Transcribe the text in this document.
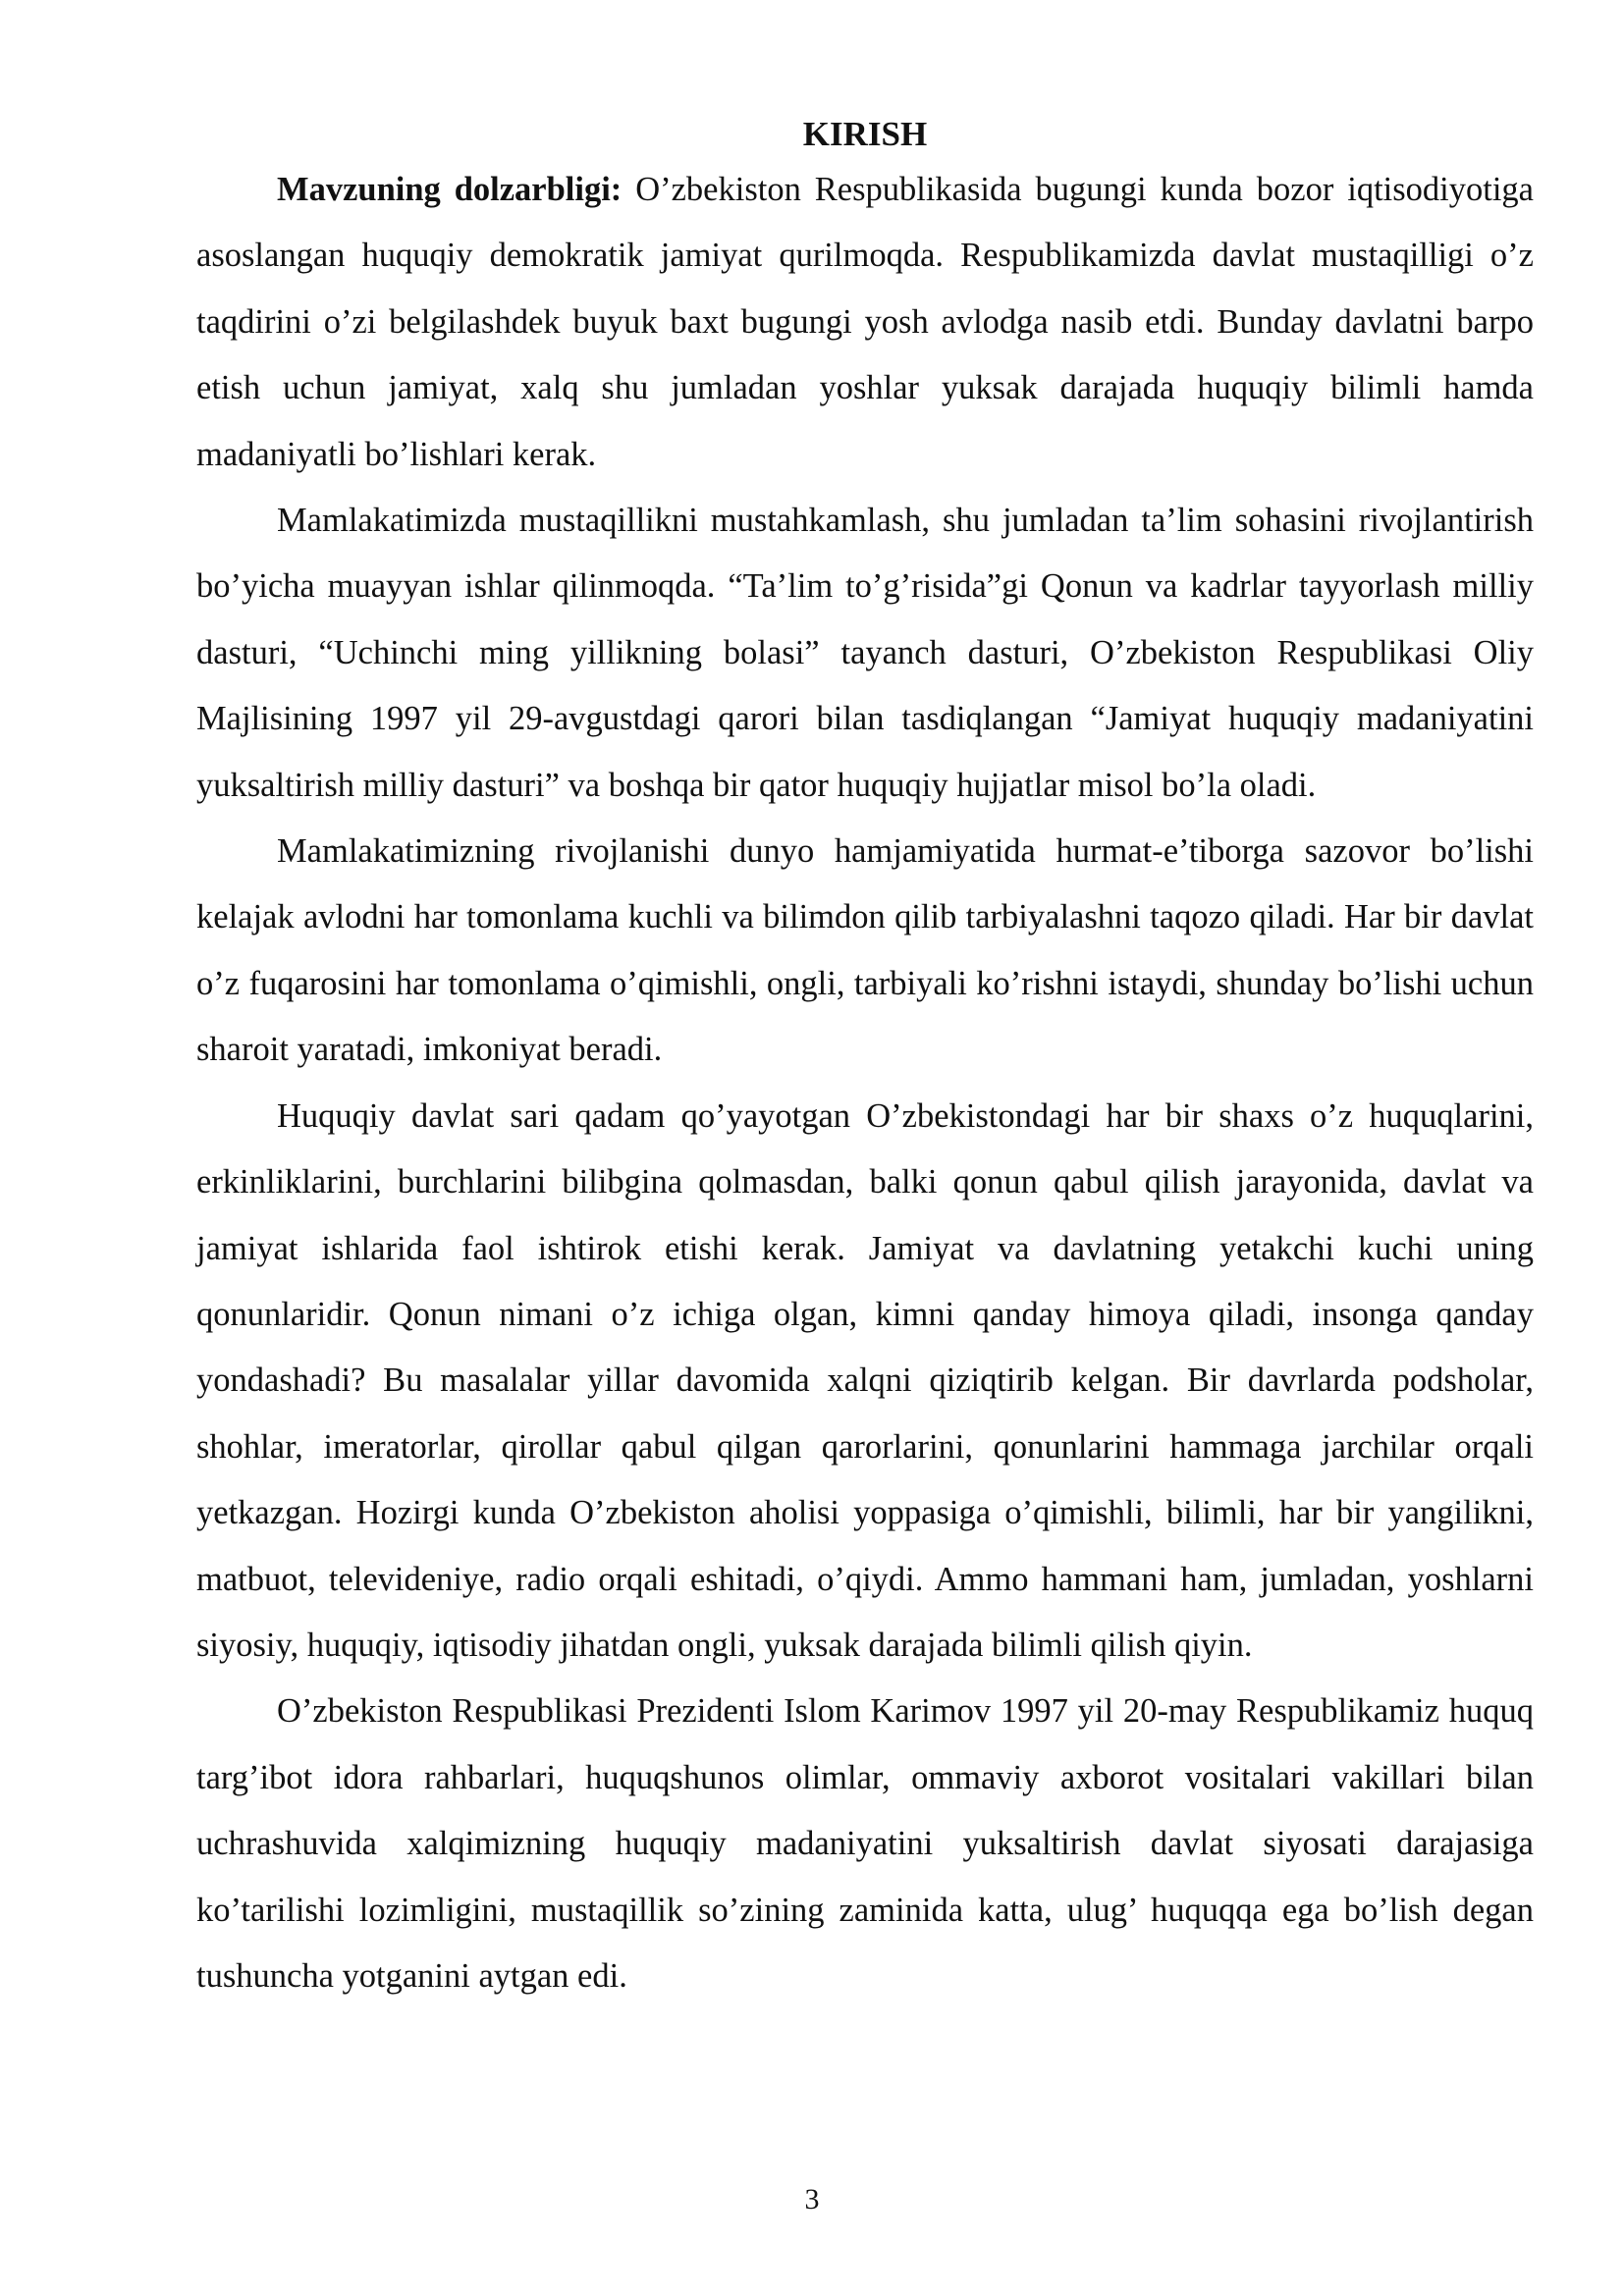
KIRISH

Mavzuning dolzarbligi: O’zbekiston Respublikasida bugungi kunda bozor iqtisodiyotiga asoslangan huquqiy demokratik jamiyat qurilmoqda. Respublikamizda davlat mustaqilligi o’z taqdirini o’zi belgilashdek buyuk baxt bugungi yosh avlodga nasib etdi. Bunday davlatni barpo etish uchun jamiyat, xalq shu jumladan yoshlar yuksak darajada huquqiy bilimli hamda madaniyatli bo’lishlari kerak.

Mamlakatimizda mustaqillikni mustahkamlash, shu jumladan ta’lim sohasini rivojlantirish bo’yicha muayyan ishlar qilinmoqda. “Ta’lim to’g’risida”gi Qonun va kadrlar tayyorlash milliy dasturi, “Uchinchi ming yillikning bolasi” tayanch dasturi, O’zbekiston Respublikasi Oliy Majlisining 1997 yil 29-avgustdagi qarori bilan tasdiqlangan “Jamiyat huquqiy madaniyatini yuksaltirish milliy dasturi” va boshqa bir qator huquqiy hujjatlar misol bo’la oladi.

Mamlakatimizning rivojlanishi dunyo hamjamiyatida hurmat-e’tiborga sazovor bo’lishi kelajak avlodni har tomonlama kuchli va bilimdon qilib tarbiyalashni taqozo qiladi. Har bir davlat o’z fuqarosini har tomonlama o’qimishli, ongli, tarbiyali ko’rishni istaydi, shunday bo’lishi uchun sharoit yaratadi, imkoniyat beradi.

Huquqiy davlat sari qadam qo’yayotgan O’zbekistondagi har bir shaxs o’z huquqlarini, erkinliklarini, burchlarini bilibgina qolmasdan, balki qonun qabul qilish jarayonida, davlat va jamiyat ishlarida faol ishtirok etishi kerak. Jamiyat va davlatning yetakchi kuchi uning qonunlaridir. Qonun nimani o’z ichiga olgan, kimni qanday himoya qiladi, insonga qanday yondashadi? Bu masalalar yillar davomida xalqni qiziqtirib kelgan. Bir davrlarda podsholar, shohlar, imeratorlar, qirollar qabul qilgan qarorlarini, qonunlarini hammaga jarchilar orqali yetkazgan. Hozirgi kunda O’zbekiston aholisi yoppasiga o’qimishli, bilimli, har bir yangilikni, matbuot, televideniye, radio orqali eshitadi, o’qiydi. Ammo hammani ham, jumladan, yoshlarni siyosiy, huquqiy, iqtisodiy jihatdan ongli, yuksak darajada bilimli qilish qiyin.

O’zbekiston Respublikasi Prezidenti Islom Karimov 1997 yil 20-may Respublikamiz huquq targ’ibot idora rahbarlari, huquqshunos olimlar, ommaviy axborot vositalari vakillari bilan uchrashuvida xalqimizning huquqiy madaniyatini yuksaltirish davlat siyosati darajasiga ko’tarilishi lozimligini, mustaqillik so’zining zaminida katta, ulug’ huquqqa ega bo’lish degan tushuncha yotganini aytgan edi.

3
